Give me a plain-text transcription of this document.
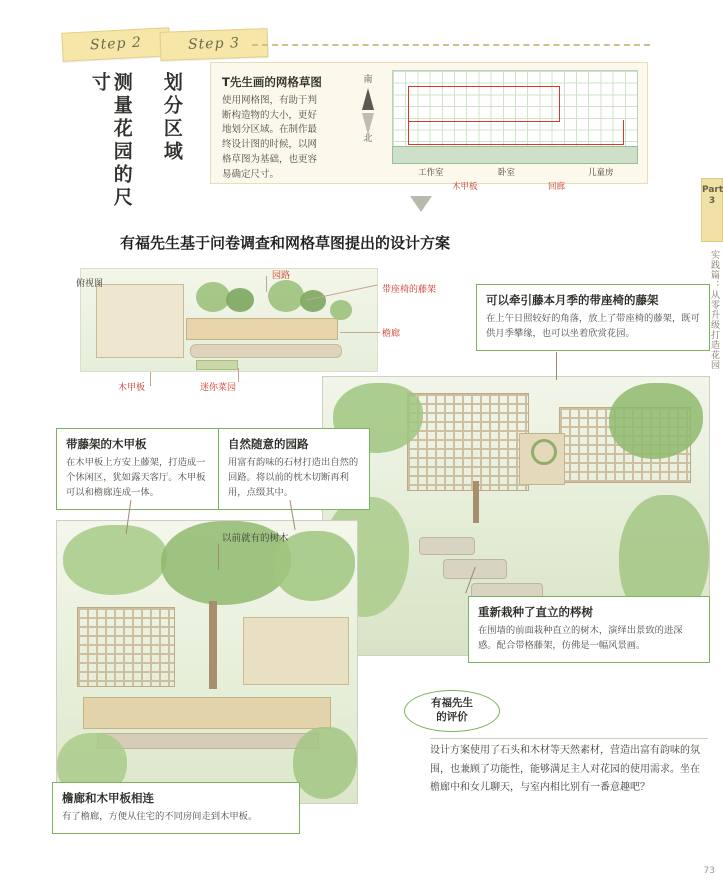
Step 2	Step 3
测量花园的尺寸	划分区域	T先生画的网格草图
使用网格图，有助于判断构造物的大小，更好地划分区域。在制作最终设计图的时候，以网格草图为基础，也更容易确定尺寸。
南
北
工作室	卧室	儿童房
木甲板	回廊
有福先生基于问卷调查和网格草图提出的设计方案
俯视图
木甲板	迷你菜园
园路
带座椅的藤架
檐廊
以前就有的树木
可以牵引藤本月季的带座椅的藤架
在上午日照较好的角落，放上了带座椅的藤架，既可供月季攀缘，也可以坐着欣赏花园。
带藤架的木甲板
在木甲板上方安上藤架，打造成一个休闲区，犹如露天客厅。木甲板可以和檐廊连成一体。
自然随意的园路
用富有韵味的石材打造出自然的回路。将以前的枕木切断再利用，点缀其中。
重新栽种了直立的梣树
在围墙的前面栽种直立的树木，演绎出景致的进深感。配合带格藤架，仿佛是一幅风景画。
檐廊和木甲板相连
有了檐廊，方便从住宅的不同房间走到木甲板。
有福先生
的评价
设计方案使用了石头和木材等天然素材，营造出富有韵味的氛围，也兼顾了功能性，能够满足主人对花园的使用需求。坐在檐廊中和女儿聊天，与室内相比别有一番意趣吧？
Part
3
实践篇：从零升级打造花园
73
